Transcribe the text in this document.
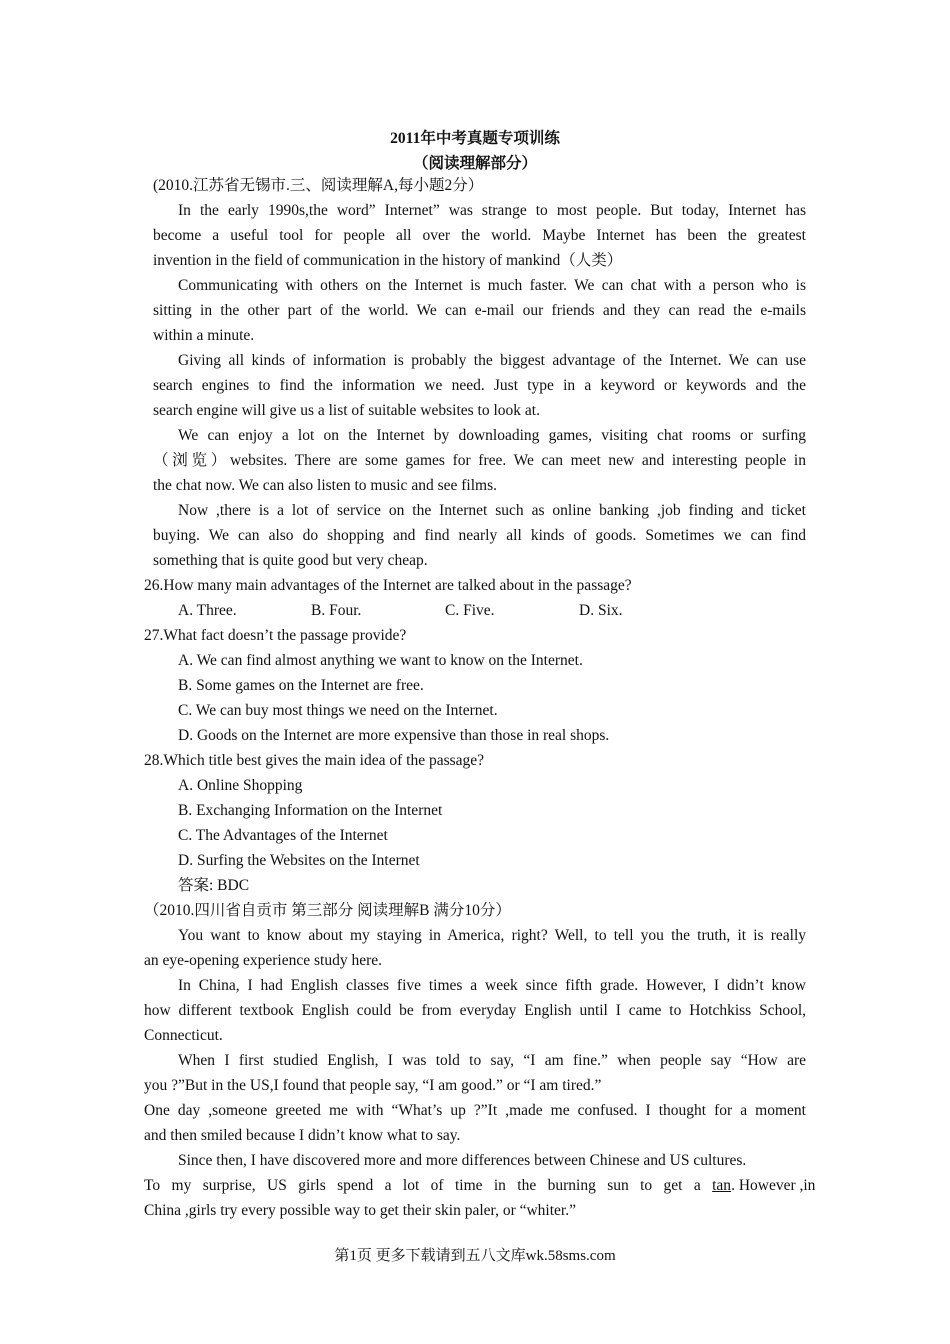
2011年中考真题专项训练
（阅读理解部分）
(2010.江苏省无锡市.三、阅读理解A,每小题2分）
In the early 1990s,the word” Internet” was strange to most people. But today, Internet has
become a useful tool for people all over the world. Maybe Internet has been the greatest
invention in the field of communication in the history of mankind（人类）
Communicating with others on the Internet is much faster. We can chat with a person who is
sitting in the other part of the world. We can e-mail our friends and they can read the e-mails
within a minute.
Giving all kinds of information is probably the biggest advantage of the Internet. We can use
search engines to find the information we need. Just type in a keyword or keywords and the
search engine will give us a list of suitable websites to look at.
We can enjoy a lot on the Internet by downloading games, visiting chat rooms or surfing
（浏览）websites. There are some games for free. We can meet new and interesting people in
the chat now. We can also listen to music and see films.
Now ,there is a lot of service on the Internet such as online banking ,job finding and ticket
buying. We can also do shopping and find nearly all kinds of goods. Sometimes we can find
something that is quite good but very cheap.
26.How many main advantages of the Internet are talked about in the passage?
A. Three.	B. Four.	C. Five.	D. Six.
27.What fact doesn’t the passage provide?
A. We can find almost anything we want to know on the Internet.
B. Some games on the Internet are free.
C. We can buy most things we need on the Internet.
D. Goods on the Internet are more expensive than those in real shops.
28.Which title best gives the main idea of the passage?
A. Online Shopping
B. Exchanging Information on the Internet
C. The Advantages of the Internet
D. Surfing the Websites on the Internet
答案: BDC
（2010.四川省自贡市 第三部分 阅读理解B 满分10分）
You want to know about my staying in America, right? Well, to tell you the truth, it is really
an eye-opening experience study here.
In China, I had English classes five times a week since fifth grade. However, I didn’t know
how different textbook English could be from everyday English until I came to Hotchkiss School,
Connecticut.
When I first studied English, I was told to say, “I am fine.” when people say “How are
you ?”But in the US,I found that people say, “I am good.” or “I am tired.”
One day ,someone greeted me with “What’s up ?”It ,made me confused. I thought for a moment
and then smiled because I didn’t know what to say.
Since then, I have discovered more and more differences between Chinese and US cultures.
To my surprise, US girls spend a lot of time in the burning sun to get a tan. However ,in
China ,girls try every possible way to get their skin paler, or “whiter.”
第1页 更多下载请到五八文库wk.58sms.com
